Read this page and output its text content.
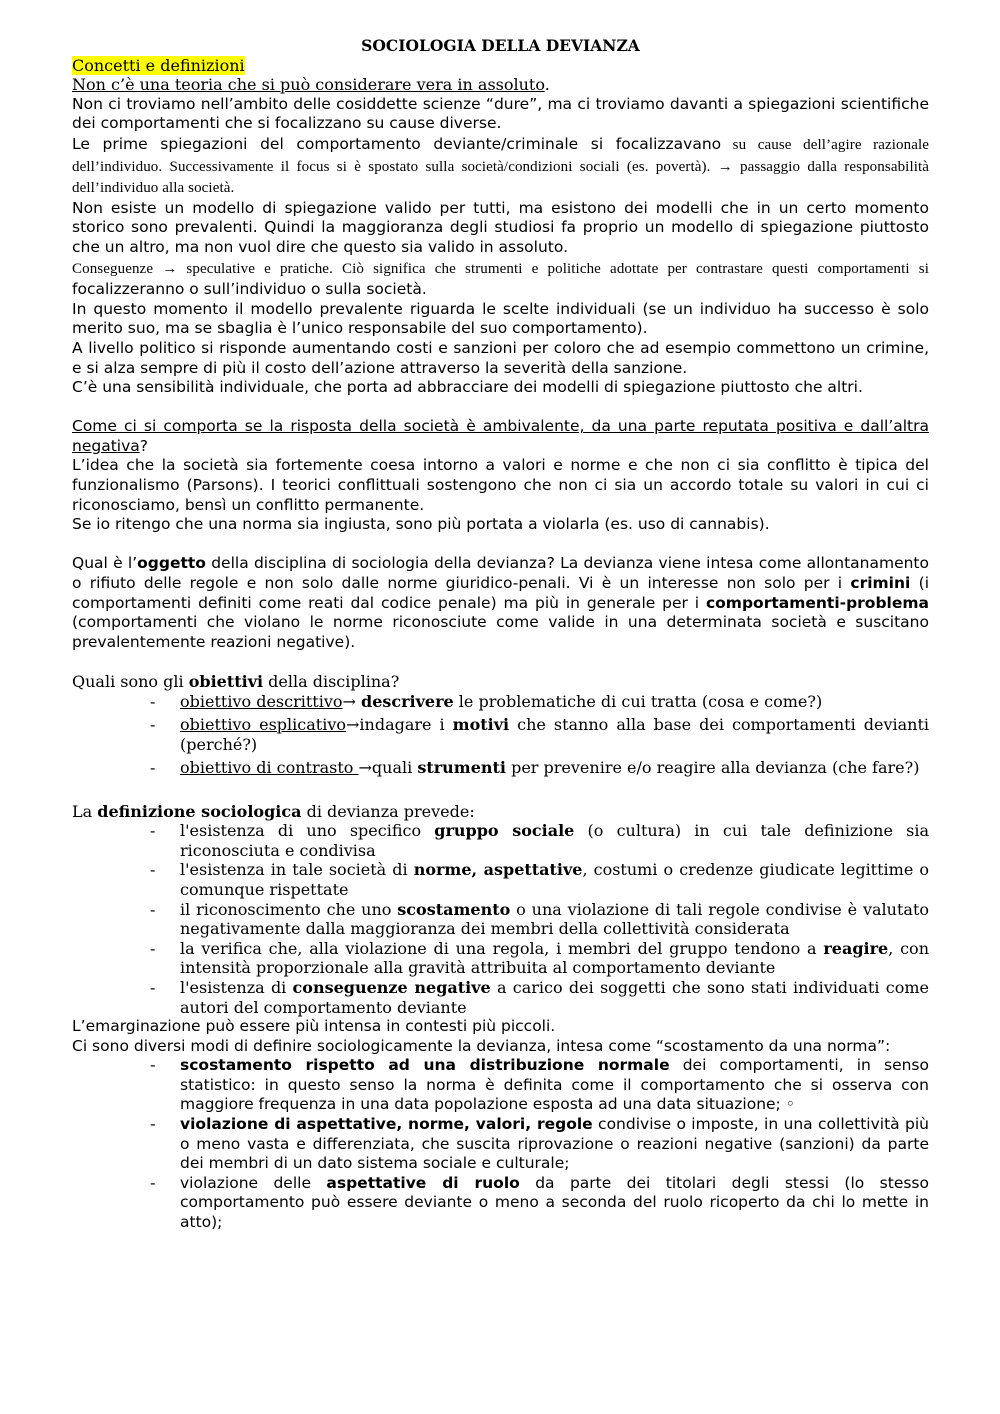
SOCIOLOGIA DELLA DEVIANZA

Concetti e definizioni

Non c’è una teoria che si può considerare vera in assoluto.

Non ci troviamo nell’ambito delle cosiddette scienze “dure”, ma ci troviamo davanti a spiegazioni scientifiche dei comportamenti che si focalizzano su cause diverse.

Le prime spiegazioni del comportamento deviante/criminale si focalizzavano su cause dell’agire razionale dell’individuo. Successivamente il focus si è spostato sulla società/condizioni sociali (es. povertà). → passaggio dalla responsabilità dell’individuo alla società.

Non esiste un modello di spiegazione valido per tutti, ma esistono dei modelli che in un certo momento storico sono prevalenti. Quindi la maggioranza degli studiosi fa proprio un modello di spiegazione piuttosto che un altro, ma non vuol dire che questo sia valido in assoluto.

Conseguenze → speculative e pratiche. Ciò significa che strumenti e politiche adottate per contrastare questi comportamenti si focalizzeranno o sull’individuo o sulla società.

In questo momento il modello prevalente riguarda le scelte individuali (se un individuo ha successo è solo merito suo, ma se sbaglia è l’unico responsabile del suo comportamento).

A livello politico si risponde aumentando costi e sanzioni per coloro che ad esempio commettono un crimine, e si alza sempre di più il costo dell’azione attraverso la severità della sanzione.

C’è una sensibilità individuale, che porta ad abbracciare dei modelli di spiegazione piuttosto che altri.

Come ci si comporta se la risposta della società è ambivalente, da una parte reputata positiva e dall’altra negativa?

L’idea che la società sia fortemente coesa intorno a valori e norme e che non ci sia conflitto è tipica del funzionalismo (Parsons). I teorici conflittuali sostengono che non ci sia un accordo totale su valori in cui ci riconosciamo, bensì un conflitto permanente.

Se io ritengo che una norma sia ingiusta, sono più portata a violarla (es. uso di cannabis).

Qual è l’oggetto della disciplina di sociologia della devianza? La devianza viene intesa come allontanamento o rifiuto delle regole e non solo dalle norme giuridico-penali. Vi è un interesse non solo per i crimini (i comportamenti definiti come reati dal codice penale) ma più in generale per i comportamenti-problema (comportamenti che violano le norme riconosciute come valide in una determinata società e suscitano prevalentemente reazioni negative).

Quali sono gli obiettivi della disciplina?

- obiettivo descrittivo→ descrivere le problematiche di cui tratta (cosa e come?)
- obiettivo esplicativo→indagare i motivi che stanno alla base dei comportamenti devianti (perché?)
- obiettivo di contrasto →quali strumenti per prevenire e/o reagire alla devianza (che fare?)

La definizione sociologica di devianza prevede:

- l'esistenza di uno specifico gruppo sociale (o cultura) in cui tale definizione sia riconosciuta e condivisa
- l'esistenza in tale società di norme, aspettative, costumi o credenze giudicate legittime o comunque rispettate
- il riconoscimento che uno scostamento o una violazione di tali regole condivise è valutato negativamente dalla maggioranza dei membri della collettività considerata
- la verifica che, alla violazione di una regola, i membri del gruppo tendono a reagire, con intensità proporzionale alla gravità attribuita al comportamento deviante
- l'esistenza di conseguenze negative a carico dei soggetti che sono stati individuati come autori del comportamento deviante

L’emarginazione può essere più intensa in contesti più piccoli.

Ci sono diversi modi di definire sociologicamente la devianza, intesa come “scostamento da una norma”:

- scostamento rispetto ad una distribuzione normale dei comportamenti, in senso statistico: in questo senso la norma è definita come il comportamento che si osserva con maggiore frequenza in una data popolazione esposta ad una data situazione; ◦
- violazione di aspettative, norme, valori, regole condivise o imposte, in una collettività più o meno vasta e differenziata, che suscita riprovazione o reazioni negative (sanzioni) da parte dei membri di un dato sistema sociale e culturale;
- violazione delle aspettative di ruolo da parte dei titolari degli stessi (lo stesso comportamento può essere deviante o meno a seconda del ruolo ricoperto da chi lo mette in atto);
